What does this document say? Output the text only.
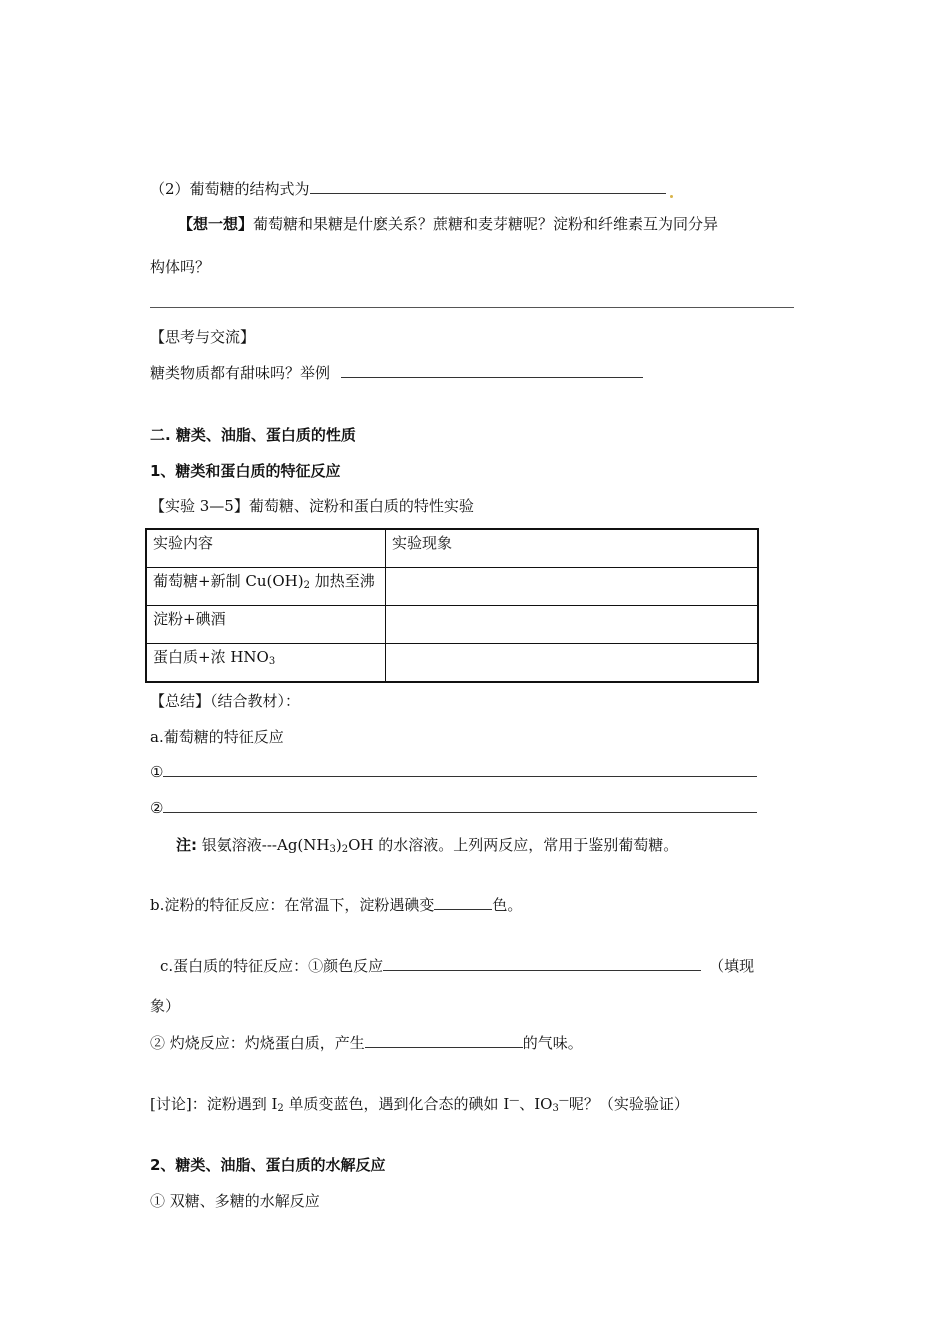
（2）葡萄糖的结构式为
【想一想】葡萄糖和果糖是什麽关系？蔗糖和麦芽糖呢？淀粉和纤维素互为同分异
构体吗？
【思考与交流】
糖类物质都有甜味吗？举例
二. 糖类、油脂、蛋白质的性质
1、糖类和蛋白质的特征反应
【实验 3—5】葡萄糖、淀粉和蛋白质的特性实验
实验内容	实验现象
葡萄糖+新制 $Cu(OH)_2$ 加热至沸	
淀粉+碘酒	
蛋白质+浓 $HNO_3$	
【总结】（结合教材）：
a.葡萄糖的特征反应
①
②
注: 银氨溶液$---Ag(NH_3)_2OH$ 的水溶液。上列两反应，常用于鉴别葡萄糖。
b.淀粉的特征反应：在常温下，淀粉遇碘变	色。
c.蛋白质的特征反应：①颜色反应	（填现
象）
② 灼烧反应：灼烧蛋白质，产生	的气味。
[讨论]：淀粉遇到 $I_2$ 单质变蓝色，遇到化合态的碘如 I—、$IO_3^—$呢？（实验验证）
2、糖类、油脂、蛋白质的水解反应
① 双糖、多糖的水解反应
